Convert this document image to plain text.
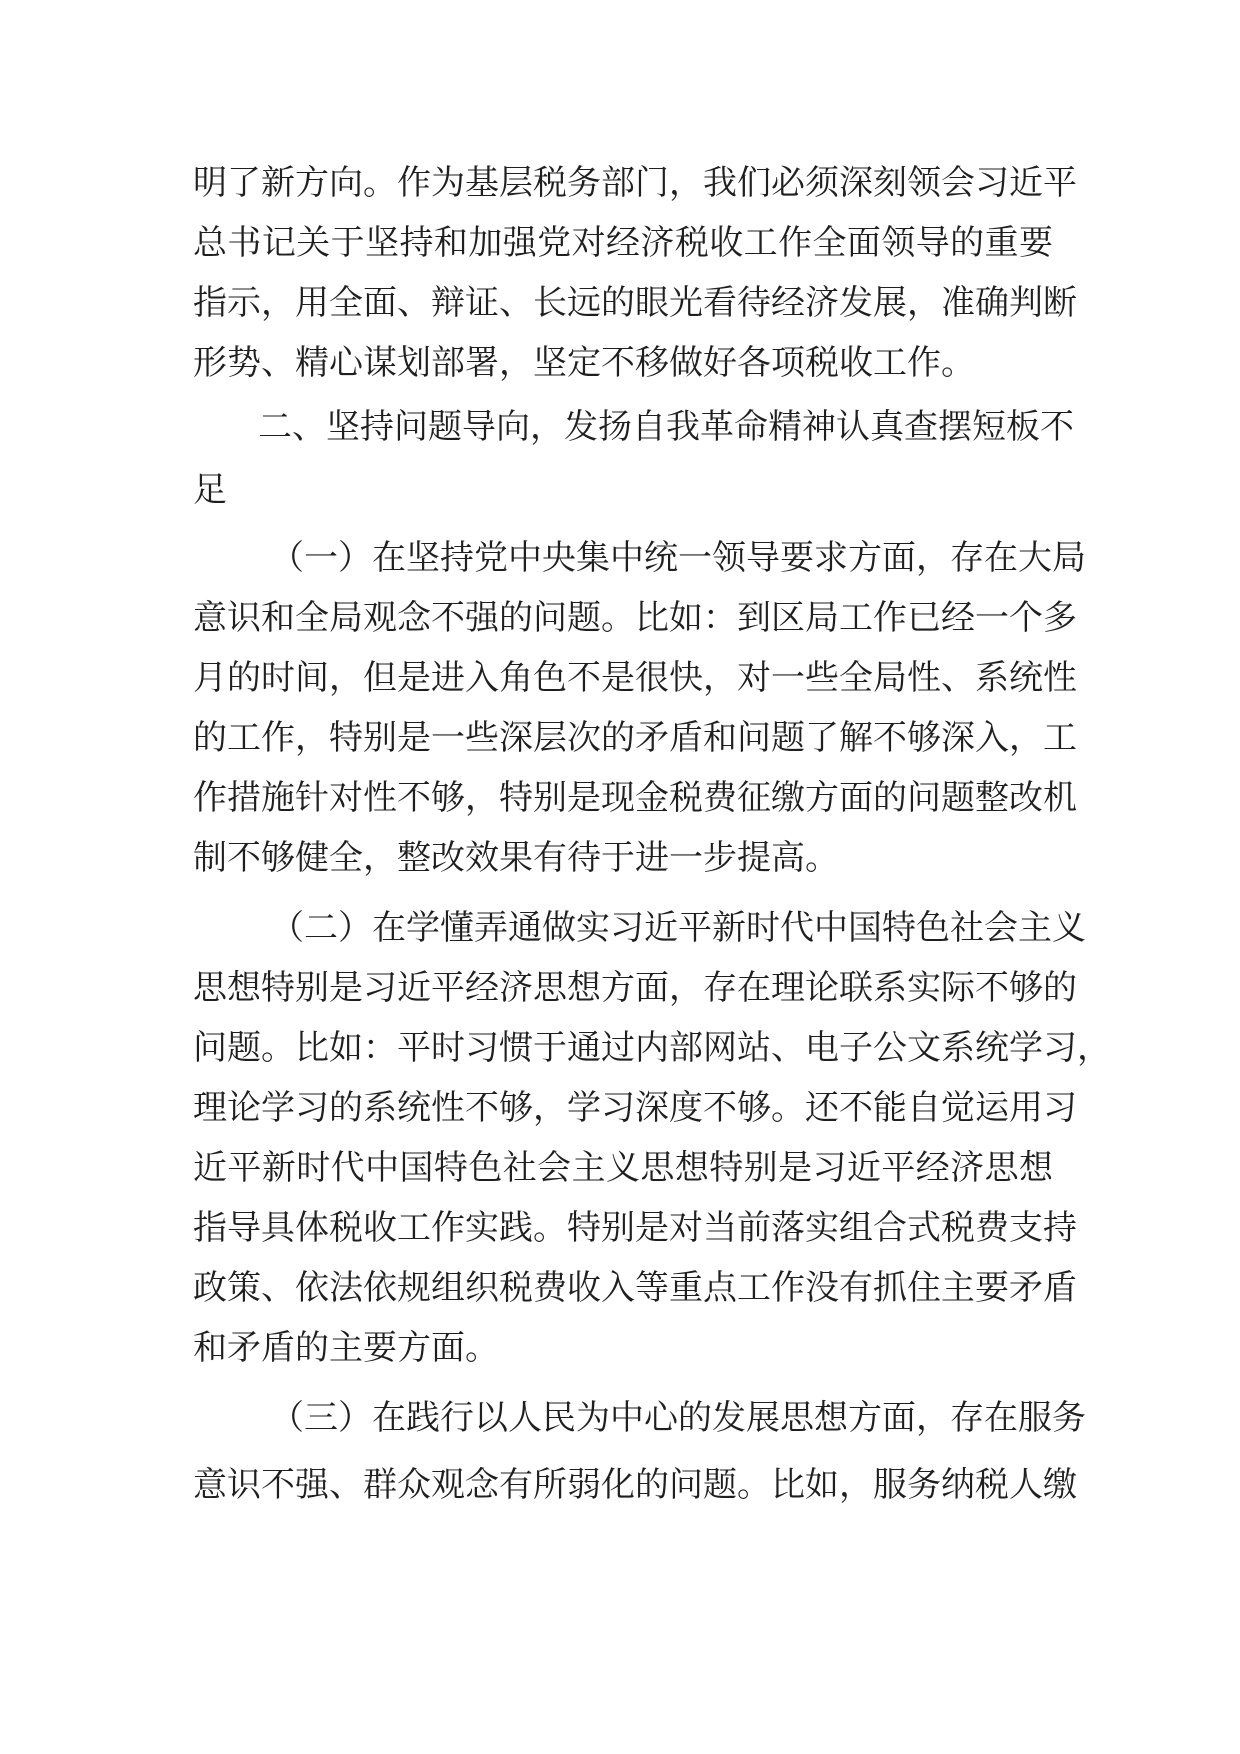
明了新方向。作为基层税务部门，我们必须深刻领会习近平

总书记关于坚持和加强党对经济税收工作全面领导的重要

指示，用全面、辩证、长远的眼光看待经济发展，准确判断

形势、精心谋划部署，坚定不移做好各项税收工作。

二、坚持问题导向，发扬自我革命精神认真查摆短板不

足

（一）在坚持党中央集中统一领导要求方面，存在大局

意识和全局观念不强的问题。比如：到区局工作已经一个多

月的时间，但是进入角色不是很快，对一些全局性、系统性

的工作，特别是一些深层次的矛盾和问题了解不够深入，工

作措施针对性不够，特别是现金税费征缴方面的问题整改机

制不够健全，整改效果有待于进一步提高。

（二）在学懂弄通做实习近平新时代中国特色社会主义

思想特别是习近平经济思想方面，存在理论联系实际不够的

问题。比如：平时习惯于通过内部网站、电子公文系统学习，

理论学习的系统性不够，学习深度不够。还不能自觉运用习

近平新时代中国特色社会主义思想特别是习近平经济思想

指导具体税收工作实践。特别是对当前落实组合式税费支持

政策、依法依规组织税费收入等重点工作没有抓住主要矛盾

和矛盾的主要方面。

（三）在践行以人民为中心的发展思想方面，存在服务

意识不强、群众观念有所弱化的问题。比如，服务纳税人缴
